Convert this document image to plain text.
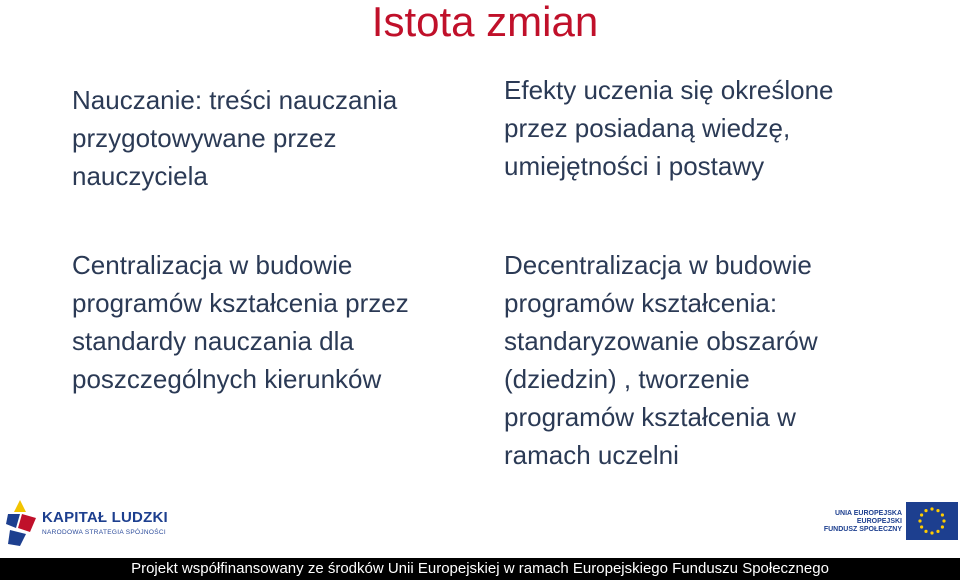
Istota zmian

Nauczanie: treści nauczania

przygotowywane przez

nauczyciela

Efekty uczenia się określone

przez posiadaną wiedzę,

umiejętności i postawy

Centralizacja w budowie

programów kształcenia przez

standardy nauczania dla

poszczególnych kierunków

Decentralizacja w budowie

programów kształcenia:

standaryzowanie obszarów

(dziedzin) , tworzenie

programów kształcenia w

ramach uczelni

KAPITAŁ LUDZKI
NARODOWA STRATEGIA SPÓJNOŚCI
UNIA EUROPEJSKA
EUROPEJSKI
FUNDUSZ SPOŁECZNY
Projekt współfinansowany ze środków Unii Europejskiej w ramach Europejskiego Funduszu Społecznego
